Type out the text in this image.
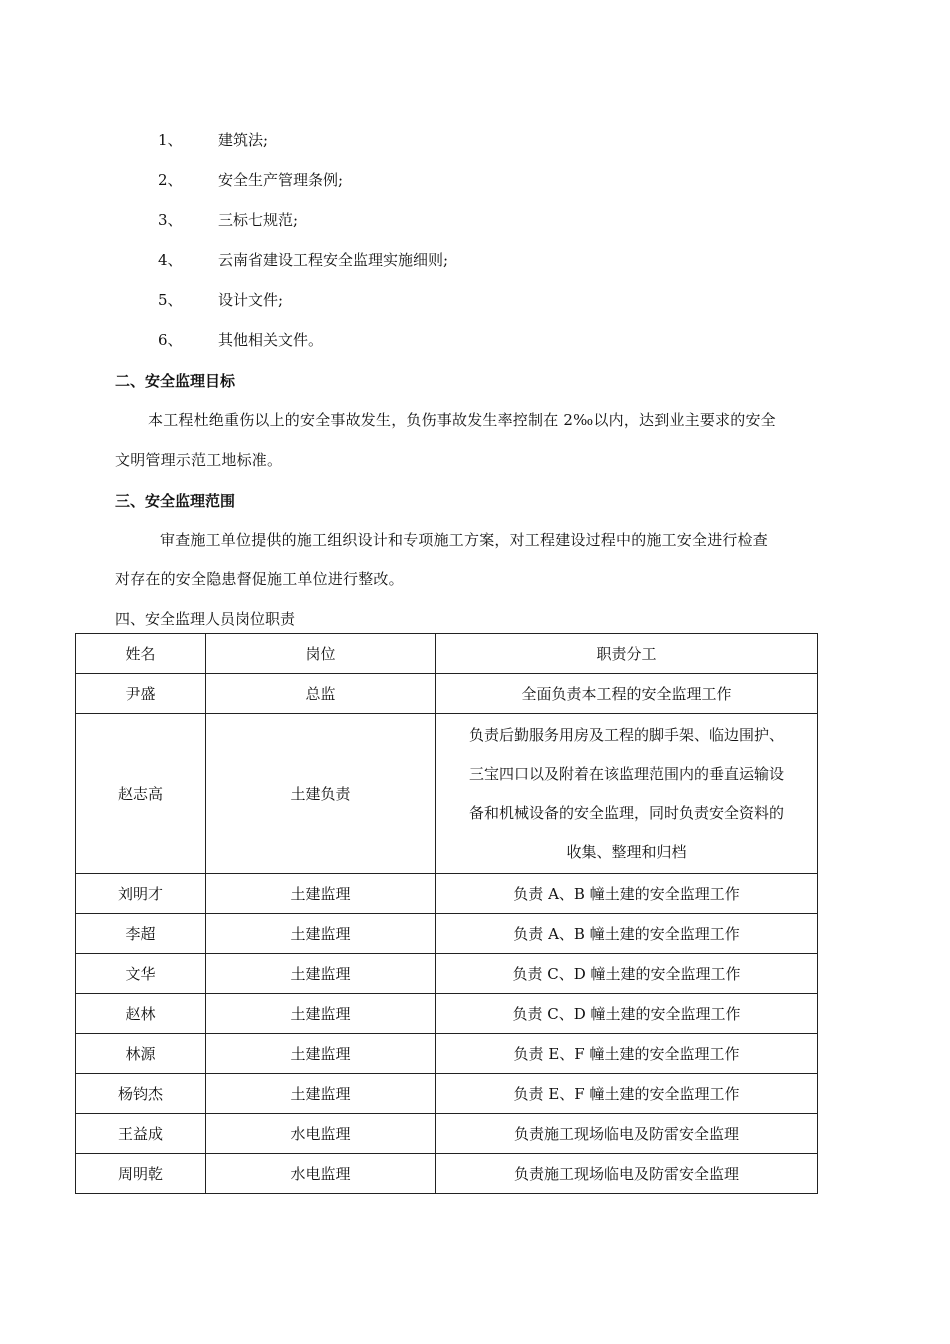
1、	建筑法;
2、	安全生产管理条例;
3、	三标七规范;
4、	云南省建设工程安全监理实施细则;
5、	设计文件;
6、	其他相关文件。
二、安全监理目标
本工程杜绝重伤以上的安全事故发生，负伤事故发生率控制在 2‰以内，达到业主要求的安全
文明管理示范工地标准。
三、安全监理范围
审查施工单位提供的施工组织设计和专项施工方案，对工程建设过程中的施工安全进行检查
对存在的安全隐患督促施工单位进行整改。
四、安全监理人员岗位职责
姓名	岗位	职责分工
尹盛	总监	全面负责本工程的安全监理工作
赵志高	土建负责	负责后勤服务用房及工程的脚手架、临边围护、
三宝四口以及附着在该监理范围内的垂直运输设
备和机械设备的安全监理，同时负责安全资料的
收集、整理和归档

刘明才	土建监理	负责 A、B 幢土建的安全监理工作
李超	土建监理	负责 A、B 幢土建的安全监理工作
文华	土建监理	负责 C、D 幢土建的安全监理工作
赵林	土建监理	负责 C、D 幢土建的安全监理工作
林源	土建监理	负责 E、F 幢土建的安全监理工作
杨钧杰	土建监理	负责 E、F 幢土建的安全监理工作
王益成	水电监理	负责施工现场临电及防雷安全监理
周明乾	水电监理	负责施工现场临电及防雷安全监理
